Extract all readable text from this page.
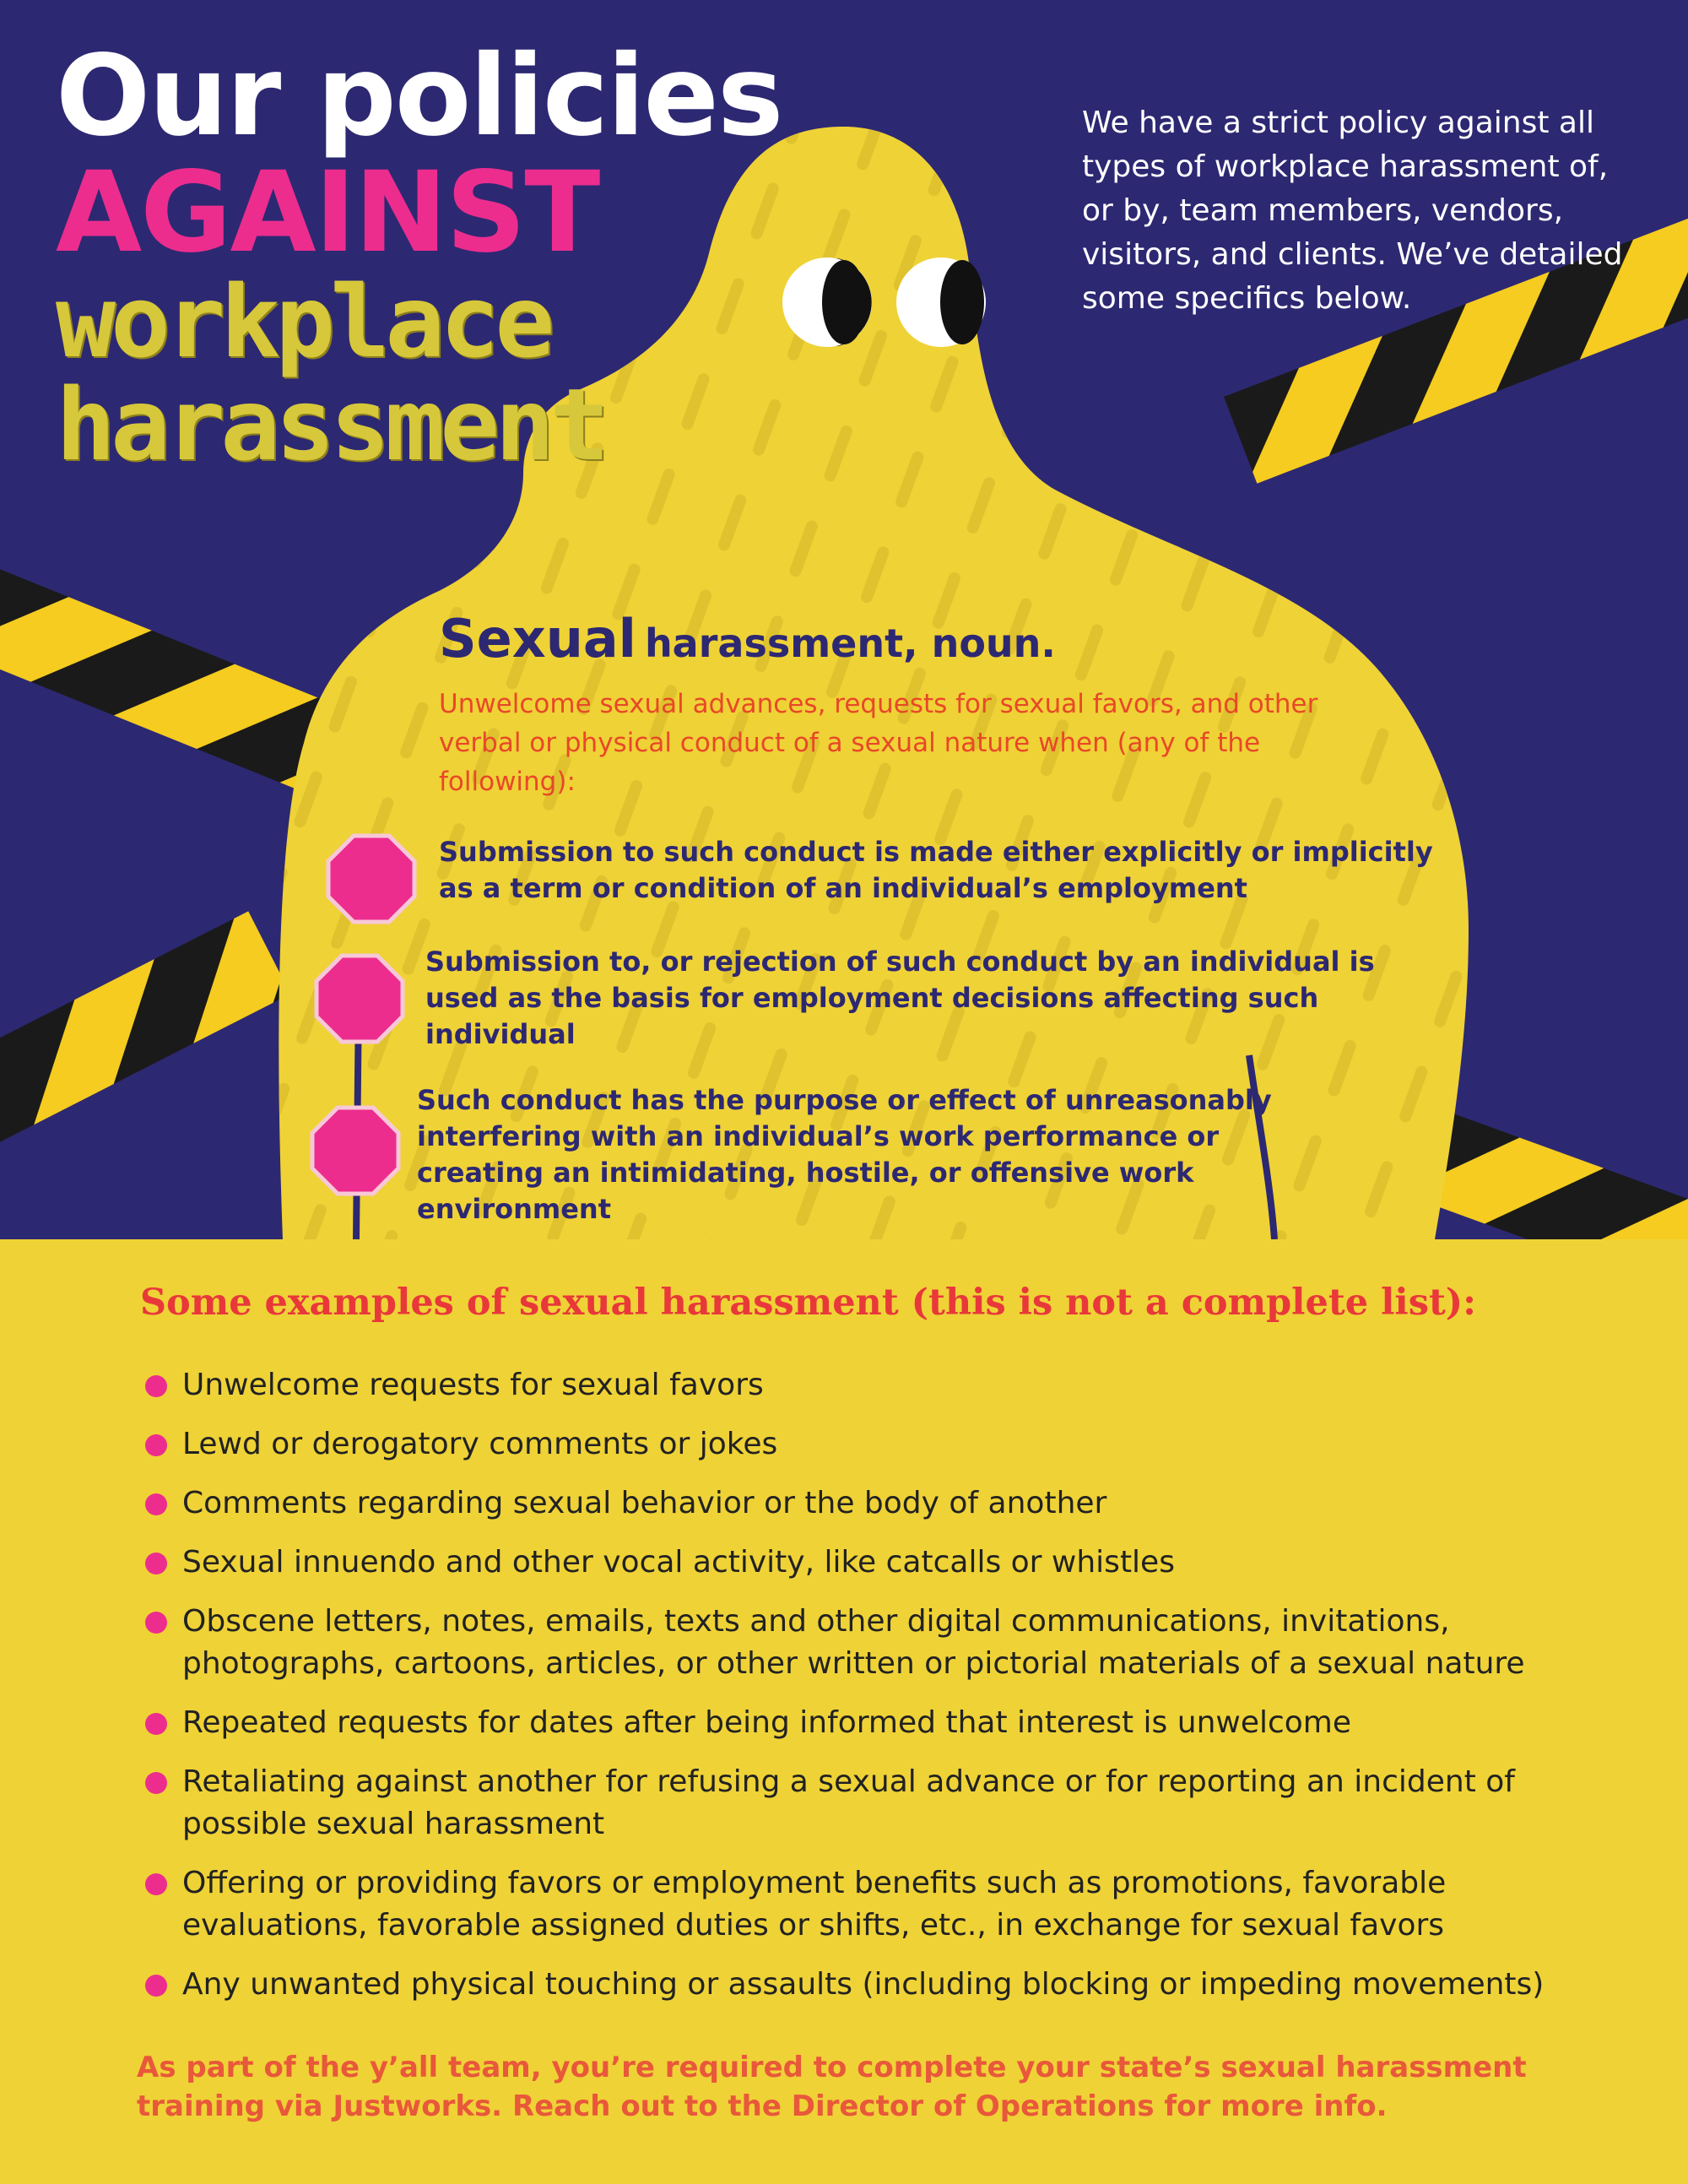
Our policies
AGAINST
workplace
harassment

We have a strict policy against all types of workplace harassment of, or by, team members, vendors, visitors, and clients. We’ve detailed some specifics below.

Sexual harassment, noun.

Unwelcome sexual advances, requests for sexual favors, and other verbal or physical conduct of a sexual nature when (any of the following):

Submission to such conduct is made either explicitly or implicitly as a term or condition of an individual’s employment

Submission to, or rejection of such conduct by an individual is used as the basis for employment decisions affecting such individual

Such conduct has the purpose or effect of unreasonably interfering with an individual’s work performance or creating an intimidating, hostile, or offensive work environment

Some examples of sexual harassment (this is not a complete list):
Unwelcome requests for sexual favors
Lewd or derogatory comments or jokes
Comments regarding sexual behavior or the body of another
Sexual innuendo and other vocal activity, like catcalls or whistles
Obscene letters, notes, emails, texts and other digital communications, invitations, photographs, cartoons, articles, or other written or pictorial materials of a sexual nature
Repeated requests for dates after being informed that interest is unwelcome
Retaliating against another for refusing a sexual advance or for reporting an incident of possible sexual harassment
Offering or providing favors or employment benefits such as promotions, favorable evaluations, favorable assigned duties or shifts, etc., in exchange for sexual favors
Any unwanted physical touching or assaults (including blocking or impeding movements)

As part of the y’all team, you’re required to complete your state’s sexual harassment training via Justworks. Reach out to the Director of Operations for more info.
